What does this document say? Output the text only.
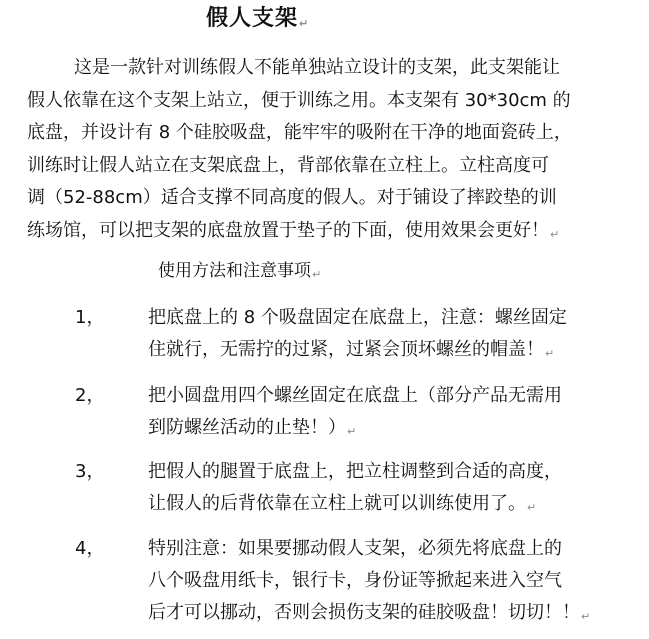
假人支架↵
这是一款针对训练假人不能单独站立设计的支架，此支架能让
假人依靠在这个支架上站立，便于训练之用。本支架有 30*30cm 的
底盘，并设计有 8 个硅胶吸盘，能牢牢的吸附在干净的地面瓷砖上，
训练时让假人站立在支架底盘上，背部依靠在立柱上。立柱高度可
调（52-88cm）适合支撑不同高度的假人。对于铺设了摔跤垫的训
练场馆，可以把支架的底盘放置于垫子的下面，使用效果会更好！↵
使用方法和注意事项↵
1， 把底盘上的 8 个吸盘固定在底盘上，注意：螺丝固定
住就行，无需拧的过紧，过紧会顶坏螺丝的帽盖！↵
2， 把小圆盘用四个螺丝固定在底盘上（部分产品无需用
到防螺丝活动的止垫！）↵
3， 把假人的腿置于底盘上，把立柱调整到合适的高度，
让假人的后背依靠在立柱上就可以训练使用了。↵
4， 特别注意：如果要挪动假人支架，必须先将底盘上的
八个吸盘用纸卡，银行卡，身份证等掀起来进入空气
后才可以挪动，否则会损伤支架的硅胶吸盘！切切！！↵
